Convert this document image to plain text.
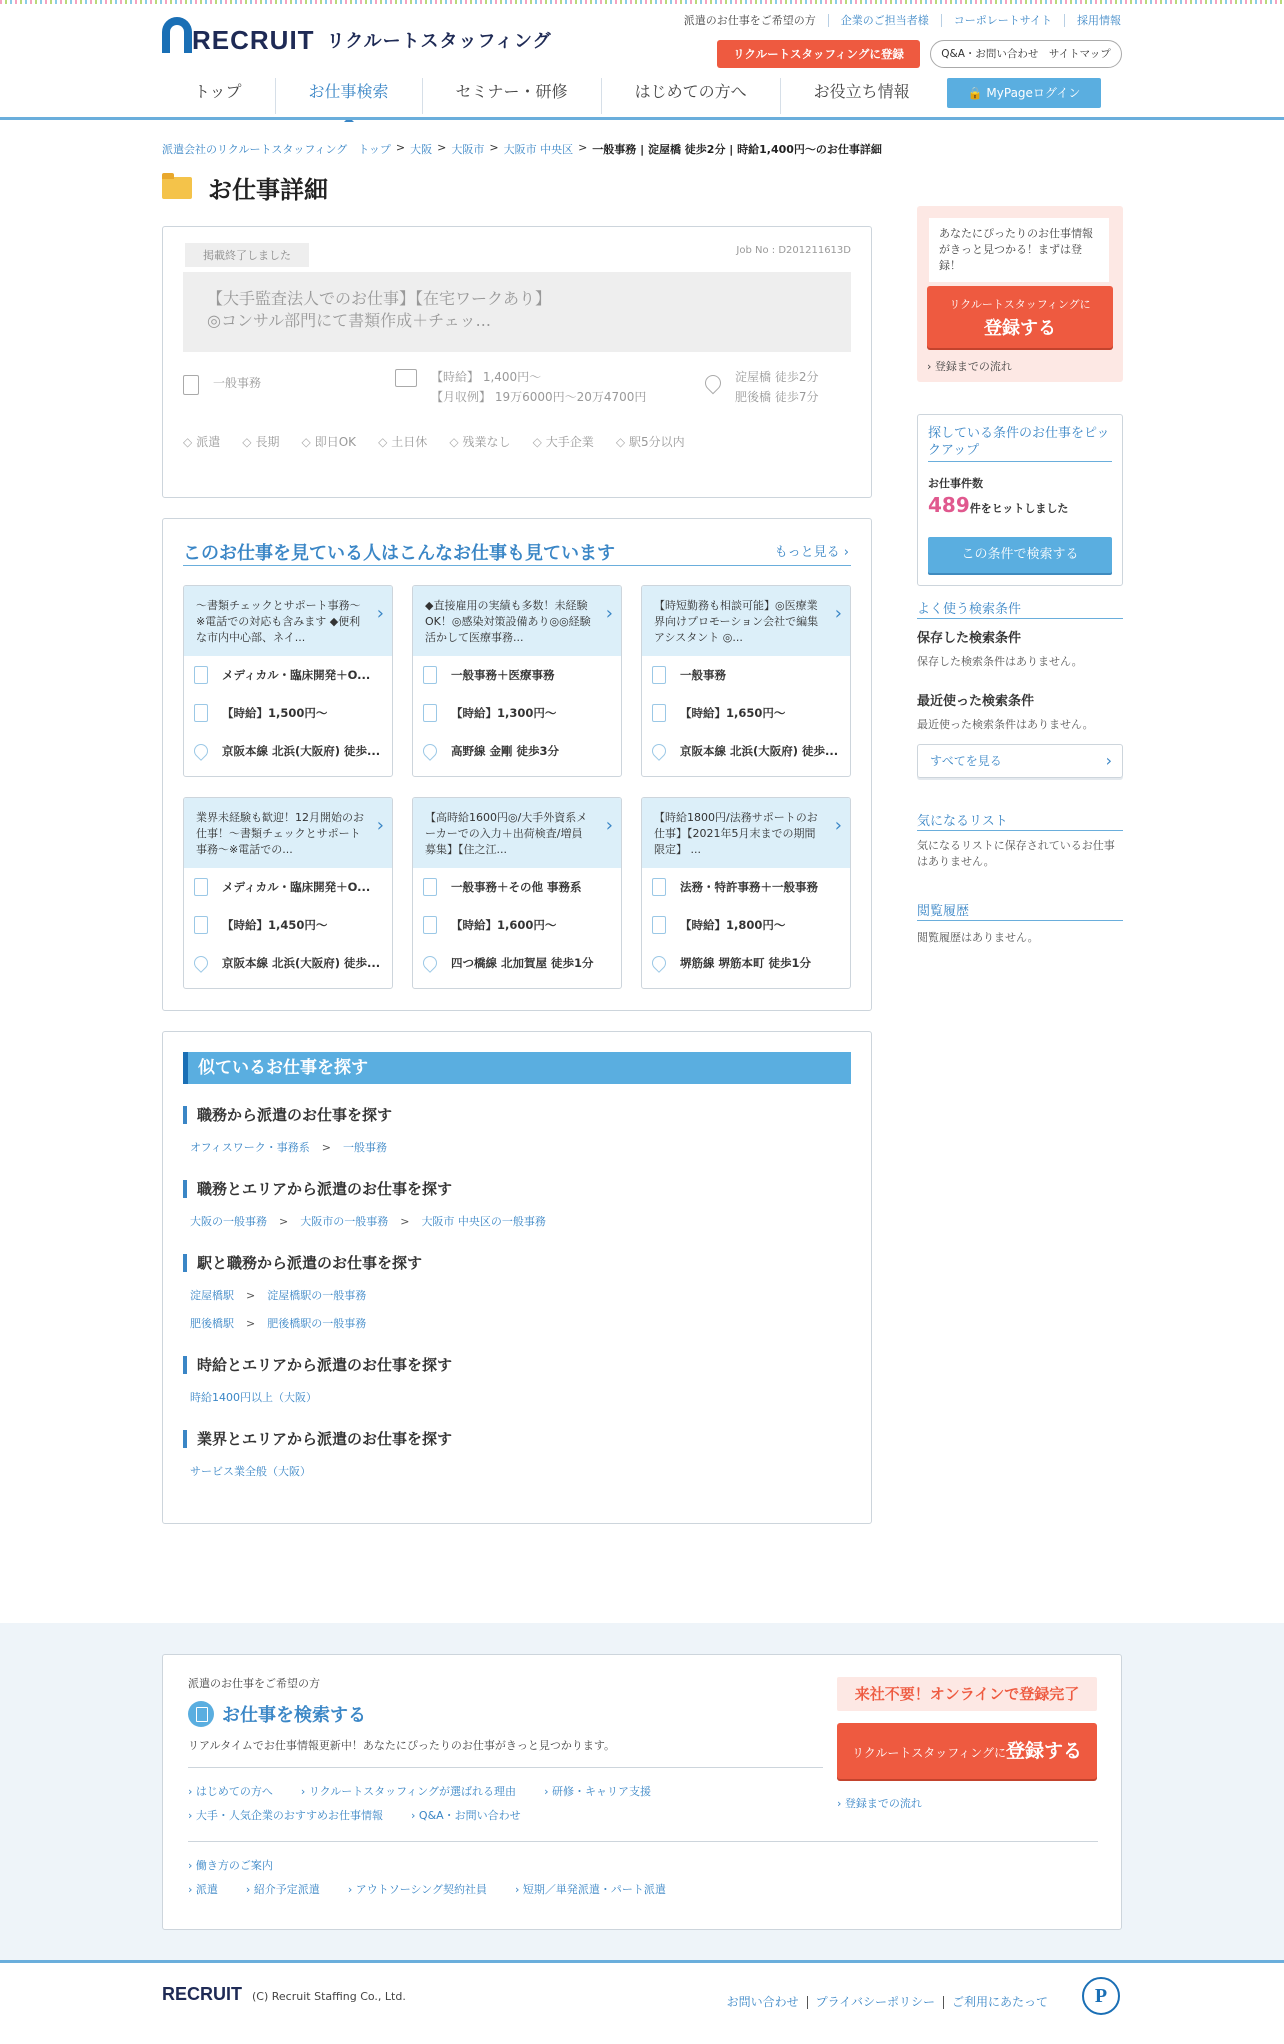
RECRUIT リクルートスタッフィング
派遣のお仕事をご希望の方	企業のご担当者様	コーポレートサイト	採用情報
リクルートスタッフィングに登録	Q&A・お問い合わせ　サイトマップ
トップ	お仕事検索	セミナー・研修	はじめての方へ	お役立ち情報	🔒 MyPageログイン
派遣会社のリクルートスタッフィング　トップ > 大阪 > 大阪市 > 大阪市 中央区 > 一般事務 | 淀屋橋 徒歩2分 | 時給1,400円～のお仕事詳細
お仕事詳細
掲載終了しました	Job No : D201211613D
【大手監査法人でのお仕事】【在宅ワークあり】
◎コンサル部門にて書類作成＋チェッ...
一般事務	【時給】 1,400円～
【月収例】 19万6000円～20万4700円
淀屋橋 徒歩2分
肥後橋 徒歩7分
◇ 派遣	◇ 長期	◇ 即日OK	◇ 土日休	◇ 残業なし	◇ 大手企業	◇ 駅5分以内
このお仕事を見ている人はこんなお仕事も見ています	もっと見る ›
～書類チェックとサポート事務～※電話での対応も含みます ◆便利な市内中心部、ネイ... ›
メディカル・臨床開発＋O...
【時給】1,500円～
京阪本線 北浜(大阪府) 徒歩...
◆直接雇用の実績も多数！未経験OK！◎感染対策設備あり◎◎経験活かして医療事務... ›
一般事務＋医療事務
【時給】1,300円～
高野線 金剛 徒歩3分
【時短勤務も相談可能】◎医療業界向けプロモーション会社で編集アシスタント ◎... ›
一般事務
【時給】1,650円～
京阪本線 北浜(大阪府) 徒歩...
業界未経験も歓迎！12月開始のお仕事！～書類チェックとサポート事務～※電話での... ›
メディカル・臨床開発＋O...
【時給】1,450円～
京阪本線 北浜(大阪府) 徒歩...
【高時給1600円◎/大手外資系メーカーでの入力＋出荷検査/増員募集】【住之江... ›
一般事務＋その他 事務系
【時給】1,600円～
四つ橋線 北加賀屋 徒歩1分
【時給1800円/法務サポートのお仕事】【2021年5月末までの期間限定】 ... ›
法務・特許事務＋一般事務
【時給】1,800円～
堺筋線 堺筋本町 徒歩1分
似ているお仕事を探す
職務から派遣のお仕事を探す
オフィスワーク・事務系 > 一般事務
職務とエリアから派遣のお仕事を探す
大阪の一般事務 > 大阪市の一般事務 > 大阪市 中央区の一般事務
駅と職務から派遣のお仕事を探す
淀屋橋駅 > 淀屋橋駅の一般事務
肥後橋駅 > 肥後橋駅の一般事務
時給とエリアから派遣のお仕事を探す
時給1400円以上（大阪）
業界とエリアから派遣のお仕事を探す
サービス業全般（大阪）
あなたにぴったりのお仕事情報がきっと見つかる！まずは登録！
リクルートスタッフィングに
登録する
› 登録までの流れ
探している条件のお仕事をピックアップ
お仕事件数
489件をヒットしました
この条件で検索する
よく使う検索条件
保存した検索条件
保存した検索条件はありません。
最近使った検索条件
最近使った検索条件はありません。
すべてを見る ›
気になるリスト
気になるリストに保存されているお仕事はありません。
閲覧履歴
閲覧履歴はありません。
派遣のお仕事をご希望の方
お仕事を検索する
リアルタイムでお仕事情報更新中！あなたにぴったりのお仕事がきっと見つかります。
› はじめての方へ	› リクルートスタッフィングが選ばれる理由	› 研修・キャリア支援
› 大手・人気企業のおすすめお仕事情報	› Q&A・お問い合わせ
› 働き方のご案内
› 派遣	› 紹介予定派遣	› アウトソーシング契約社員	› 短期／単発派遣・パート派遣
来社不要！オンラインで登録完了
リクルートスタッフィングに登録する
› 登録までの流れ
RECRUIT (C) Recruit Staffing Co., Ltd.	お問い合わせ	プライバシーポリシー	ご利用にあたって	P
